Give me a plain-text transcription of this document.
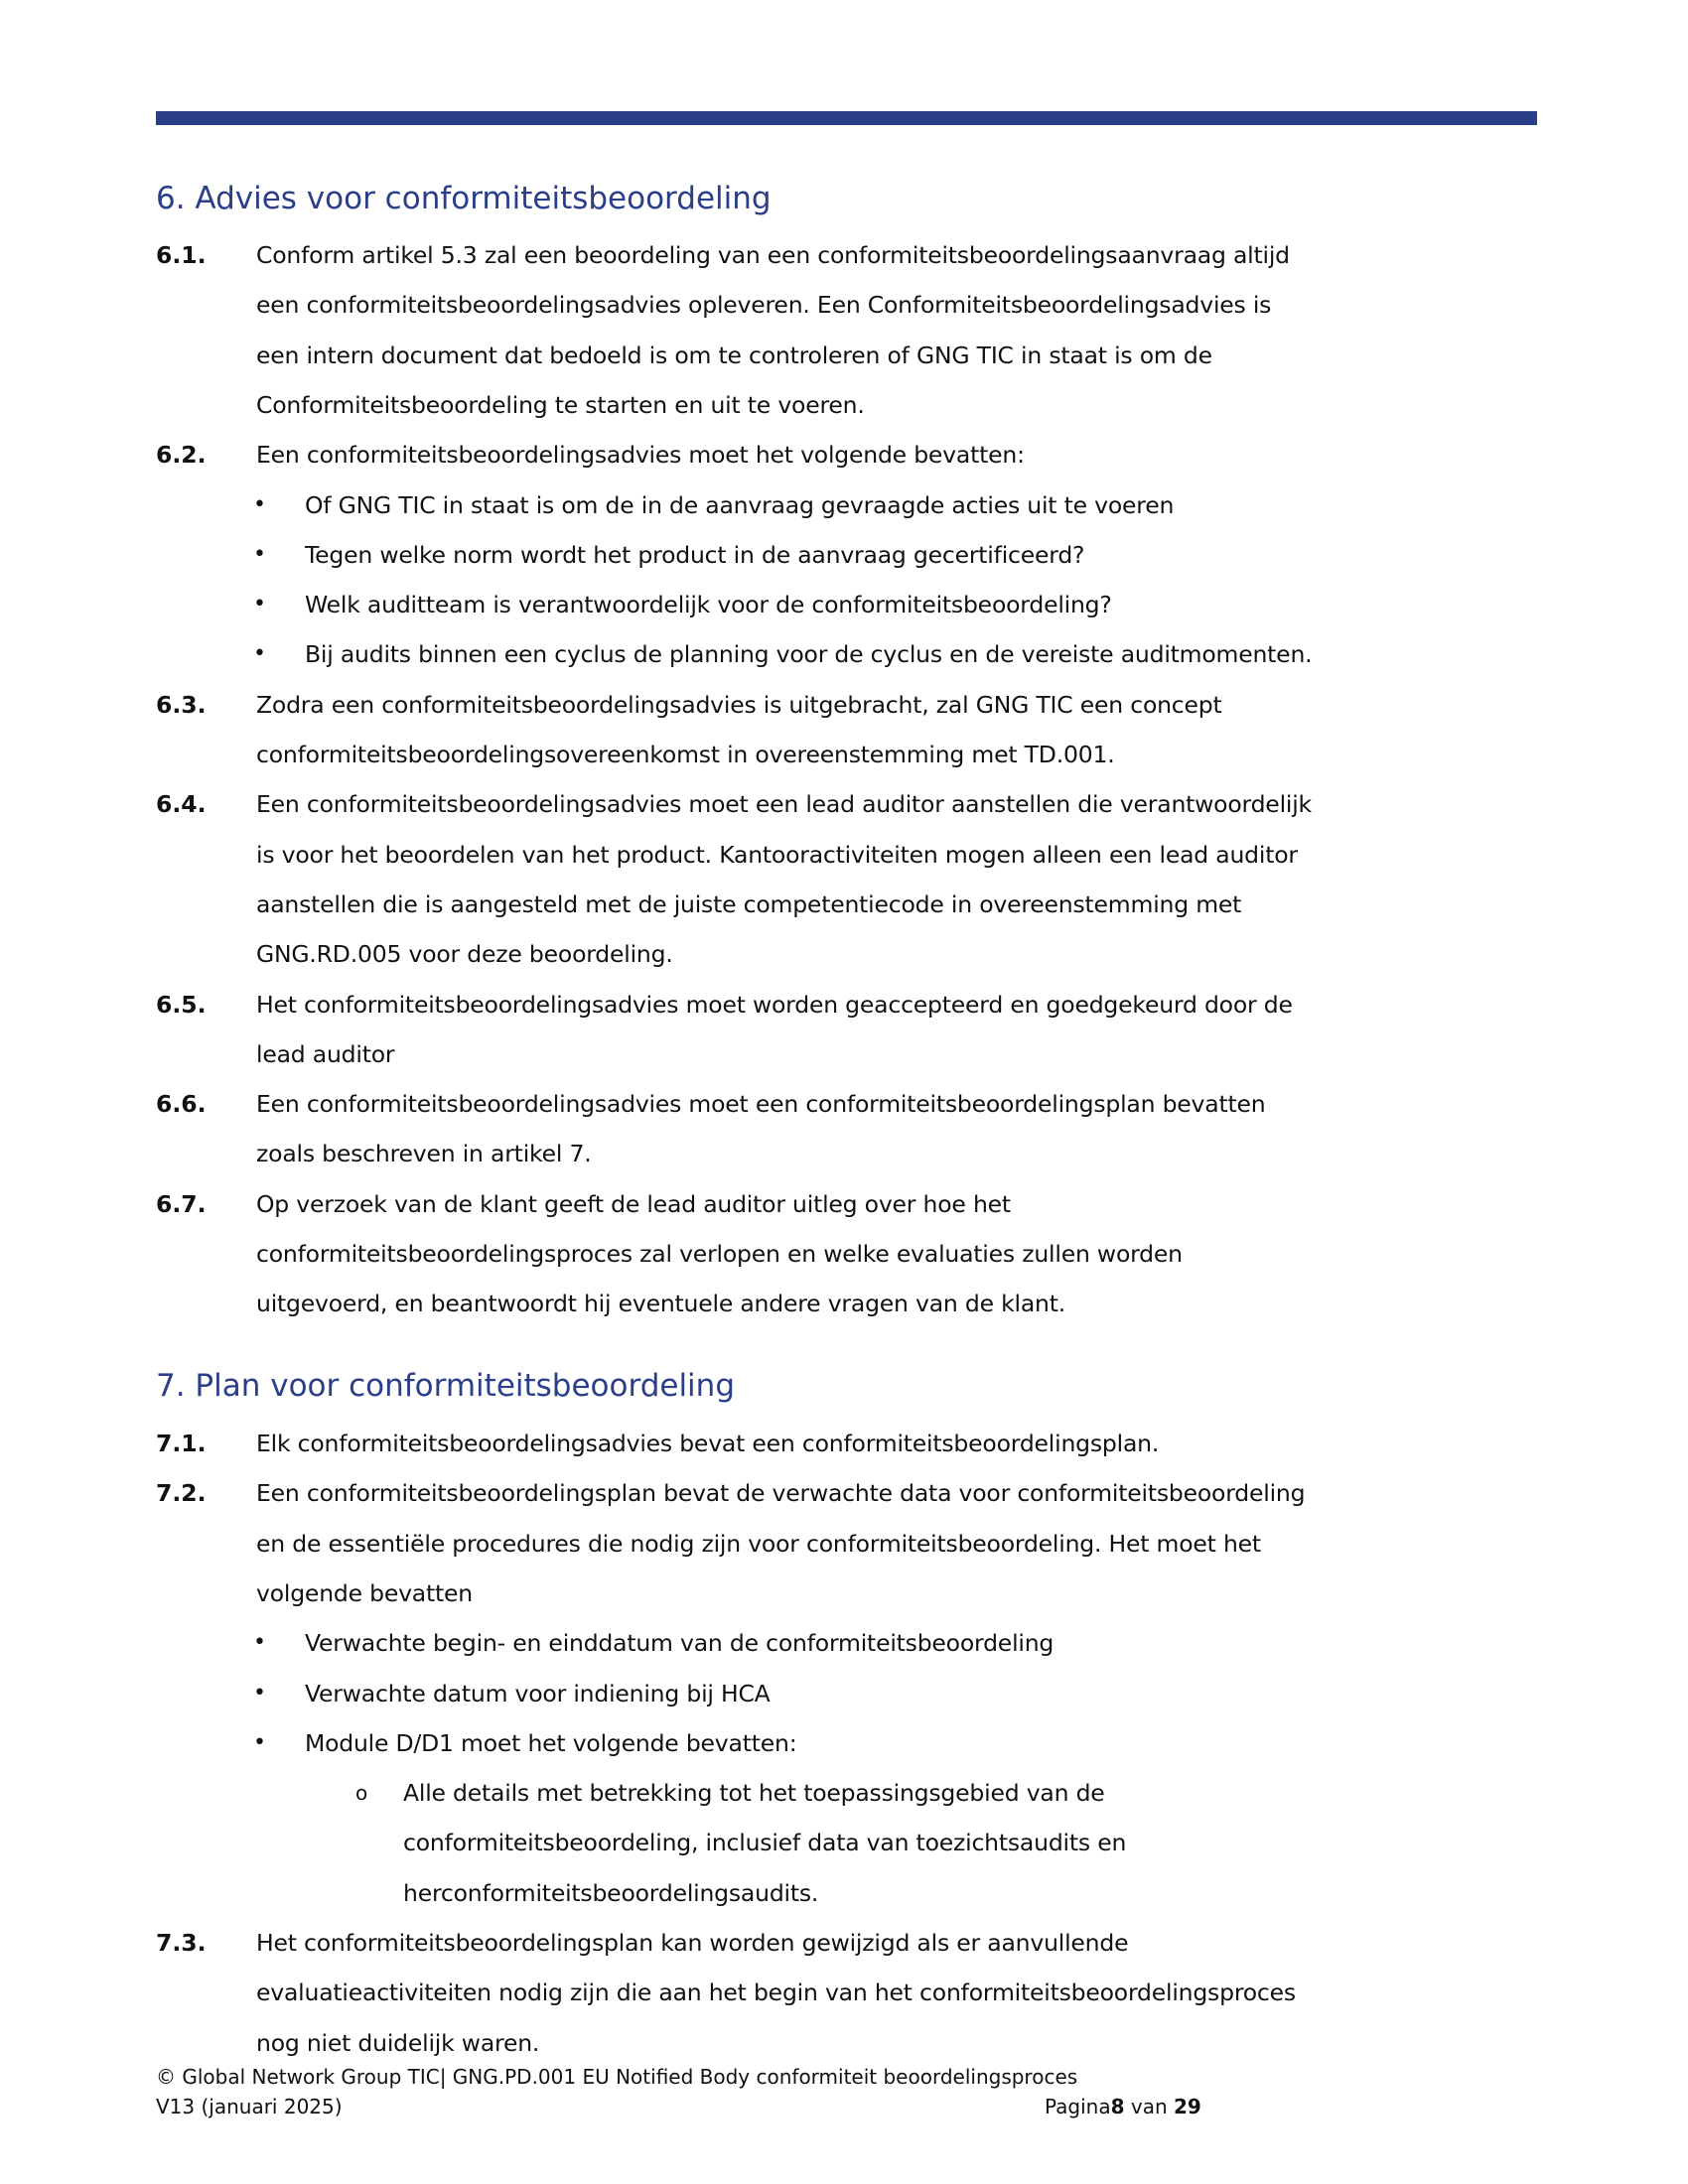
6. Advies voor conformiteitsbeoordeling
6.1. Conform artikel 5.3 zal een beoordeling van een conformiteitsbeoordelingsaanvraag altijd
een conformiteitsbeoordelingsadvies opleveren. Een Conformiteitsbeoordelingsadvies is
een intern document dat bedoeld is om te controleren of GNG TIC in staat is om de
Conformiteitsbeoordeling te starten en uit te voeren.
6.2. Een conformiteitsbeoordelingsadvies moet het volgende bevatten:
• Of GNG TIC in staat is om de in de aanvraag gevraagde acties uit te voeren
• Tegen welke norm wordt het product in de aanvraag gecertificeerd?
• Welk auditteam is verantwoordelijk voor de conformiteitsbeoordeling?
• Bij audits binnen een cyclus de planning voor de cyclus en de vereiste auditmomenten.
6.3. Zodra een conformiteitsbeoordelingsadvies is uitgebracht, zal GNG TIC een concept
conformiteitsbeoordelingsovereenkomst in overeenstemming met TD.001.
6.4. Een conformiteitsbeoordelingsadvies moet een lead auditor aanstellen die verantwoordelijk
is voor het beoordelen van het product. Kantooractiviteiten mogen alleen een lead auditor
aanstellen die is aangesteld met de juiste competentiecode in overeenstemming met
GNG.RD.005 voor deze beoordeling.
6.5. Het conformiteitsbeoordelingsadvies moet worden geaccepteerd en goedgekeurd door de
lead auditor
6.6. Een conformiteitsbeoordelingsadvies moet een conformiteitsbeoordelingsplan bevatten
zoals beschreven in artikel 7.
6.7. Op verzoek van de klant geeft de lead auditor uitleg over hoe het
conformiteitsbeoordelingsproces zal verlopen en welke evaluaties zullen worden
uitgevoerd, en beantwoordt hij eventuele andere vragen van de klant.
7. Plan voor conformiteitsbeoordeling
7.1. Elk conformiteitsbeoordelingsadvies bevat een conformiteitsbeoordelingsplan.
7.2. Een conformiteitsbeoordelingsplan bevat de verwachte data voor conformiteitsbeoordeling
en de essentiële procedures die nodig zijn voor conformiteitsbeoordeling. Het moet het
volgende bevatten
• Verwachte begin- en einddatum van de conformiteitsbeoordeling
• Verwachte datum voor indiening bij HCA
• Module D/D1 moet het volgende bevatten:
o Alle details met betrekking tot het toepassingsgebied van de
conformiteitsbeoordeling, inclusief data van toezichtsaudits en
herconformiteitsbeoordelingsaudits.
7.3. Het conformiteitsbeoordelingsplan kan worden gewijzigd als er aanvullende
evaluatieactiviteiten nodig zijn die aan het begin van het conformiteitsbeoordelingsproces
nog niet duidelijk waren.
© Global Network Group TIC| GNG.PD.001 EU Notified Body conformiteit beoordelingsproces
V13 (januari 2025)	Pagina8 van 29
